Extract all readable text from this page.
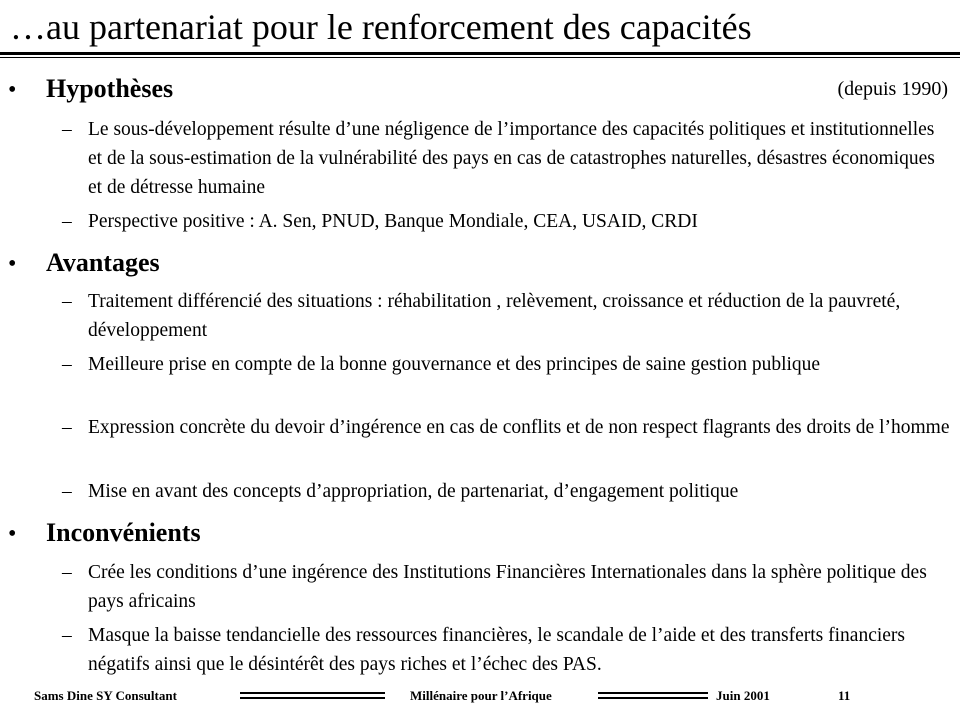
…au partenariat pour le renforcement des capacités
• Hypothèses	(depuis 1990)
– Le sous-développement résulte d’une négligence de l’importance des capacités politiques et institutionnelles et de la sous-estimation de la vulnérabilité des pays en cas de catastrophes naturelles, désastres économiques et de détresse humaine
– Perspective positive : A. Sen, PNUD, Banque Mondiale, CEA, USAID, CRDI
• Avantages
– Traitement différencié des situations : réhabilitation , relèvement, croissance et réduction de la pauvreté, développement
– Meilleure prise en compte de la bonne gouvernance et des principes de saine gestion publique
– Expression concrète du devoir d’ingérence en cas de conflits et de non respect flagrants des droits de l’homme
– Mise en avant des concepts d’appropriation, de partenariat, d’engagement politique
• Inconvénients
– Crée les conditions d’une ingérence des Institutions Financières Internationales dans la sphère politique des pays africains
– Masque la baisse tendancielle des ressources financières, le scandale de l’aide et des transferts financiers négatifs ainsi que le désintérêt des pays riches et l’échec des PAS.
Sams Dine SY Consultant	Millénaire pour l’Afrique	Juin 2001	11
